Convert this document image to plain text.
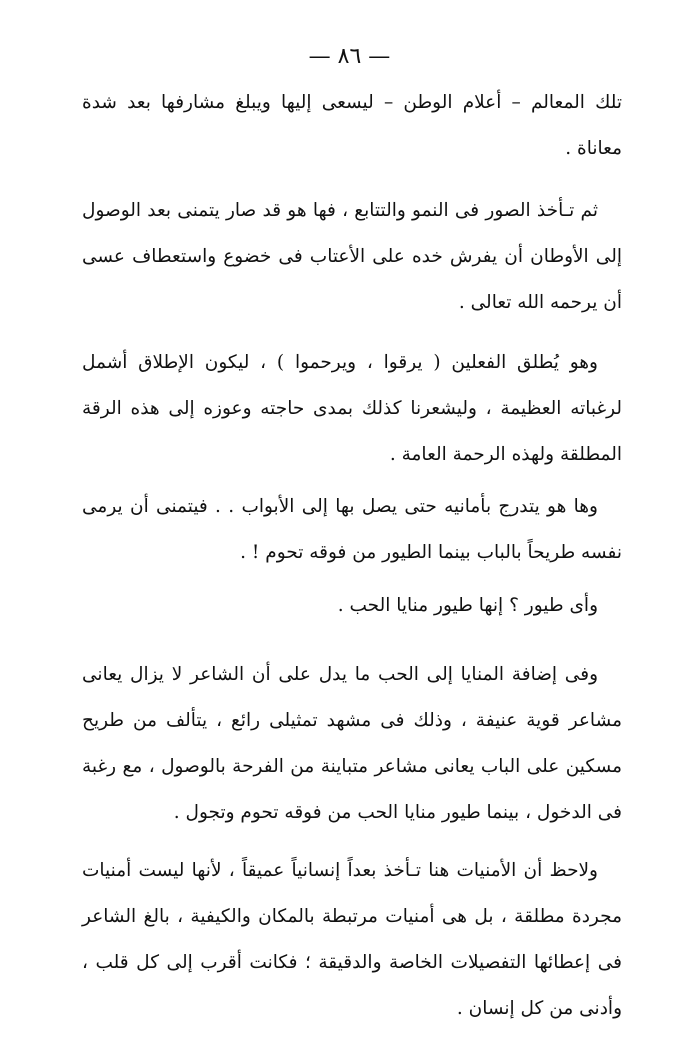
— ٨٦ —
تلك المعالم – أعلام الوطن – ليسعى إليها ويبلغ مشارفها بعد شدة معاناة .
ثم تـأخذ الصور فى النمو والتتابع ، فها هو قد صار يتمنى بعد الوصول إلى الأوطان أن يفرش خده على الأعتاب فى خضوع واستعطاف عسى أن يرحمه الله تعالى .
وهو يُطلق الفعلين ( يرقوا ، ويرحموا ) ، ليكون الإطلاق أشمل لرغباته العظيمة ، وليشعرنا كذلك بمدى حاجته وعوزه إلى هذه الرقة المطلقة ولهذه الرحمة العامة .
وها هو يتدرج بأمانيه حتى يصل بها إلى الأبواب . . فيتمنى أن يرمى نفسه طريحاً بالباب بينما الطيور من فوقه تحوم ! .
وأى طيور ؟ إنها طيور منايا الحب .
وفى إضافة المنايا إلى الحب ما يدل على أن الشاعر لا يزال يعانى مشاعر قوية عنيفة ، وذلك فى مشهد تمثيلى رائع ، يتألف من طريح مسكين على الباب يعانى مشاعر متباينة من الفرحة بالوصول ، مع رغبة فى الدخول ، بينما طيور منايا الحب من فوقه تحوم وتجول .
ولاحظ أن الأمنيات هنا تـأخذ بعداً إنسانياً عميقاً ، لأنها ليست أمنيات مجردة مطلقة ، بل هى أمنيات مرتبطة بالمكان والكيفية ، بالغ الشاعر فى إعطائها التفصيلات الخاصة والدقيقة ؛ فكانت أقرب إلى كل قلب ، وأدنى من كل إنسان .
